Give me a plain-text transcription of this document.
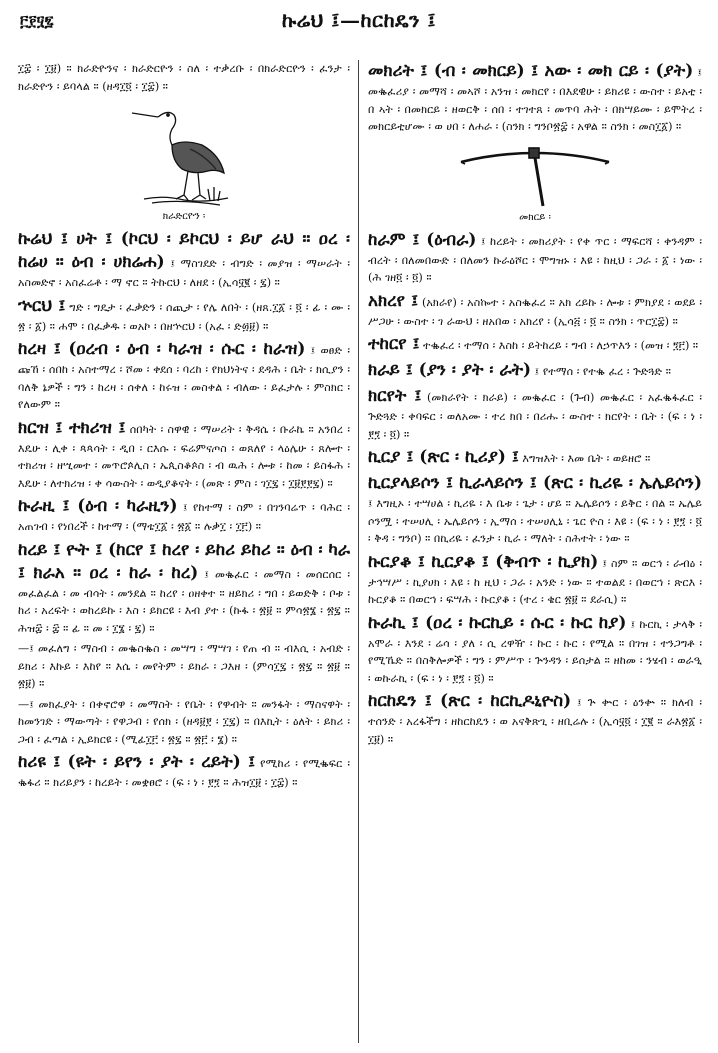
፫፻፶፯	ኩሬህ ፤—ከርከዴን ፤

፲፰ ፡ ፲፱) ። ክራድዮንና ፡ ክራድርዮን ፡ ስለ ፡ ተቃረቡ ፡ በክራድርዮን ፡ ፈንታ ፡ ክራድዮን ፡ ይባላል ። (ዘዳ፲፬ ፡ ፲፰) ።

ክራድርዮን ፡

ኩሬህ ፤ ሀት ፤ (ኮርህ ፡ ይኮርህ ፡ ይሆ ራህ ። ዐረ ፡ ከሬሀ ። ዕብ ፡ ሀክሬሐ) ፤ ማስገደድ ፡ ብግድ ፡ መያዝ ፡ ማሠራት ፡ አስመድኖ ፡ አስፈሬቶ ፡ ማ ኖር ። ትኩርህ ፡ ለዘደ ፡ (ኢሳ፶፪ ፡ ፯) ።

ኍርህ ፤ ግድ ፡ ግዴታ ፡ ፈቃድን ፡ ሰጪታ ፡ የሌ ለበት ፡ (ዘጸ.፲፩ ፡ ፬ ፡ ፊ ፡ ሙ ፡ ፳ ፡ ፩) ። ሐሞ ፡ በፈቃዱ ፡ ወአኮ ፡ በዘኍርህ ፡ (አፈ ፡ ድ፴፱) ።

ከረዛ ፤ (ዐረብ ፡ ዕብ ፡ ካራዝ ፡ ሱር ፡ ከራዝ) ፤ ወፀድ ፡ ጩኸ ፡ ሰበከ ፡ አስተማረ ፡ ሾመ ፡ ቀደሰ ፡ ባረከ ፡ የክህነትና ፡ ደዳሕ ፡ ቤት ፡ ክሲያን ፡ ባለቅ ኔዎች ፡ ግን ፡ ከረዛ ፡ ሰቀለ ፡ ከሩዝ ፡ መስቀል ፡ ብለው ፡ ይፈታሉ ፡ ምስክር ፡ የለውም ።

ክርዝ ፤ ተክሪዝ ፤ ሰበካት ፡ ስዋዊ ፡ ማሠሪት ፡ ቅዳሴ ፡ ቡራኬ ። አንበረ ፡ እዴሁ ፡ ሊቀ ፡ ጳጳሳት ፡ ዲበ ፡ ርእሱ ፡ ፍሬምናጦስ ፡ ወጸለየ ፡ ላዕሌሁ ፡ ጸሎተ ፡ ተክሪዝ ፡ ዘሢመተ ፡ መጥሮጶሊስ ፡ ኤጲስቆጶስ ፡ ብ ዉሕ ፡ ሎቱ ፡ ከመ ፡ ይስፋሕ ፡ እዴሁ ፡ ለተክሪዝ ፡ ቀ ሳውስት ፡ ወዲያቆናት ፡ (መጽ ፡ ምስ ፡ ገ፲፯ ፡ ፲፱፻፻፯) ።

ኩራዚ ፤ (ዕብ ፡ ካራዚን) ፤ የከተማ ፡ ስም ፡ በገንባሬጥ ፡ ባሕር ፡ አጠገብ ፡ የነበረች ፡ ከተማ ፡ (ማቴ፲፩ ፡ ፳፩ ። ሉቃ፲ ፡ ፲፫) ።

ከረይ ፤ ዮት ፤ (ከርየ ፤ ከረየ ፡ ይከሪ ይከሪ ። ዕብ ፡ ካራ ፤ ክራአ ። ዐረ ፡ ከራ ፡ ከረ) ፤ መቈፈር ፡ መማስ ፡ መሰርሰር ፡ መፈልፈል ፡ መ ብሳት ፡ መንደል ። ከረየ ፡ ዐዘቀተ ። ዘይክሪ ፡ ግበ ፡ ይወድቅ ፡ ቦቱ ፡ ከሪ ፡ አረፍት ፡ ወከረይኩ ፡ እስ ፡ ይክርዩ ፡ እብ ያተ ፡ (ኩፋ ፡ ፳፱ ። ምሳ፳፮ ፡ ፳፯ ። ሕዝ፰ ፡ ፰ ። ፊ ። መ ፡ ፲፮ ፡ ፯) ።

—፤ መፈለግ ፡ ማስብ ፡ መቈስቈስ ፡ መሣግ ፡ ማሣገ ፡ የጠ ብ ። ብእሲ ፡ አብድ ፡ ይክሪ ፡ እኩይ ፡ እከየ ። እሴ ፡ መየትም ፡ ይክራ ፡ ጋእዘ ፡ (ምሳ፲፯ ፡ ፳፯ ። ፳፱ ። ፳፱) ።

—፤ መክፈያት ፡ በቀኖሮዋ ፡ መማስት ፡ የቤት ፡ የዋብት ። መንፋት ፡ ማስናዋት ፡ ከመንገድ ፡ ማውጣት ፡ የዋጋብ ፡ የሰክ ፡ (ዘዳ፱፻ ፡ ፲፯) ። በእኪት ፡ ዕለት ፡ ይክሪ ፡ ጋብ ፡ ፈጣል ፡ ኢይክርዩ ፡ (ሚፊ፲፫ ፡ ፳፯ ። ፳፫ ፡ ፮) ።

ከሪዩ ፤ (ዩት ፡ ይየን ፡ ያት ፡ ረይት) ፤ የሚከሪ ፡ የሚቈፍር ፡ ቈፋሪ ። ክሪይያን ፡ ከረይት ፡ መቋፀሮ ፡ (ፍ ፡ ነ ፡ ፻፺ ። ሕዝ፲፱ ፡ ፲፰) ።

መክሪት ፤ (ብ ፡ መክርይ) ፤ አው ፡ መክ ርይ ፡ (ያት) ፤ መቈፈሪያ ፡ መማሻ ፡ መኣሾ ፡ አንዝ ፡ መክርየ ፡ በእደዊሁ ፡ ይክሪዩ ፡ ውስተ ፡ ይአቲ ፡ በ ኣት ፡ በመክርይ ፡ ዘወርቅ ፡ ሰበ ፡ ተገተጸ ፡ መጥባ ሕት ፡ በክሣይሙ ፡ ይሞትረ ፡ መክርይቲሆሙ ፡ ወ ሀበ ፡ ለሐራ ፡ (ስንክ ፡ ግንቦ፳፰ ፡ አዋል ። ስንክ ፡ መስ፲፩) ።

መክርይ ፡

ከራም ፤ (ዕብራ) ፤ ከረይት ፡ መክሪያት ፡ የቀ ጥር ፡ ማፍርሻ ፡ ቀንዳም ፡ ብረት ፡ በለመበውድ ፡ በለመን ኩራዕሾር ፡ ሞግዝኑ ፡ እዩ ፡ ከዚህ ፡ ጋራ ፡ ፩ ፡ ነው ፡ (ሕ ገዘ፬ ፡ ፬) ።

አክረየ ፤ (አክራየ) ፡ አስኰተ ፡ አስቈፈረ ። አክ ረይኩ ፡ ሎቱ ፡ ምክያደ ፡ ወደይ ፡ ሥጋሁ ፡ ውስተ ፡ ገ ራውህ ፡ ዘአበወ ፡ አክረየ ፡ (ኢሳ፭ ፡ ፬ ። ስንክ ፡ ጥር፲፰) ።

ተከርየ ፤ ተቈፈረ ፡ ተማሰ ፡ እስከ ፡ ይትከረይ ፡ ግብ ፡ ለኃጥእን ፡ (መዝ ፡ ፺፫) ።

ክራይ ፤ (ያን ፡ ያት ፡ ራት) ፤ የተማሰ ፡ የተቈ ፈረ ፡ ጕድጓድ ።

ክርየት ፤ (መክራየት ፡ ክራይ) ፡ መቈፈር ፡ (ጉብ) መቈፈር ፡ አፈቈፋፈር ፡ ጕድጓድ ፡ ቀባፍር ፡ ወለአሙ ፡ ተረ ክበ ፡ በሪሑ ፡ ውስተ ፡ ክርየት ፡ ቤት ፡ (ፍ ፡ ነ ፡ ፻፺ ፡ ፬) ።

ኪርያ ፤ (ጽር ፡ ኪሪያ) ፤ እግዝእት ፡ እመ ቤት ፡ ወይዘሮ ።

ኪርያላይሶን ፤ ኪራላይሶን ፤ (ጽር ፡ ኪሪዬ ፡ ኤሌይሶን) ፤ እግዚኦ ፡ ተሣሀል ፡ ኪሪዬ ፡ እ ቤቱ ፡ ጌታ ፡ ሆይ ። ኤሌይሶን ፡ ይቅር ፡ በል ። ኤሌይ ሶንሟ ፡ ተሠሀሊ ፡ ኤሌይሶን ፡ ኢማሰ ፡ ተሠሀሊኒ ፡ ጌር ዮስ ፡ እዩ ፡ (ፍ ፡ ነ ፡ ፻፺ ፡ ፬ ፡ ቅዳ ፡ ግንቦ) ። በኪሪዬ ፡ ፈንታ ፡ ኪራ ፡ ማለት ፡ ስሕተት ፡ ነው ።

ኩርያቆ ፤ ኪርያቆ ፤ (ቅብጥ ፡ ኪያክ) ፤ ስም ። ወርኅ ፡ ራብዕ ፡ ታኅሣሥ ፡ ኪያሀክ ፡ እዩ ፡ ከ ዚህ ፡ ጋራ ፡ አንድ ፡ ነው ። ተወልደ ፡ በወርኀ ፡ ጽርእ ፡ ኩርያቆ ። በወርኀ ፡ ፍሣሕ ፡ ኩርያቆ ፡ (ተረ ፡ ቄር ፳፱ ። ደራሲ) ።

ኩራኪ ፤ (ዐረ ፡ ኩርኪይ ፡ ሱር ፡ ኩር ከያ) ፤ ኩርኪ ፡ ታላቅ ፡ አሞራ ፡ እንደ ፡ ሬሳ ፡ ያለ ፡ ሲ ረዋዥ ፡ ኩር ፡ ኩር ፡ የሚል ። በገዝ ፡ ተንጋግቶ ፡ የሚኼድ ። በስቅሎዎች ፡ ግን ፡ ምሥጥ ፡ ጕንዳን ፡ ይሰታል ። ዘከመ ፡ ንሄብ ፡ ወራዒ ፡ ወኩራኪ ፡ (ፍ ፡ ነ ፡ ፻፺ ፡ ፬) ።

ከርከዴን ፤ (ጽር ፡ ከርኪዶኒዮስ) ፤ ጕ ቍር ፡ ዕንቍ ። ክለብ ፡ ተሰንድ ፡ አረፋችግ ፡ ዘከርከዴን ፡ ወ አናቅጽጊ ፡ ዘቢሬሉ ፡ (ኢሳ፶፬ ፡ ፲፪ ። ራእ፳፩ ፡ ፲፱) ።
